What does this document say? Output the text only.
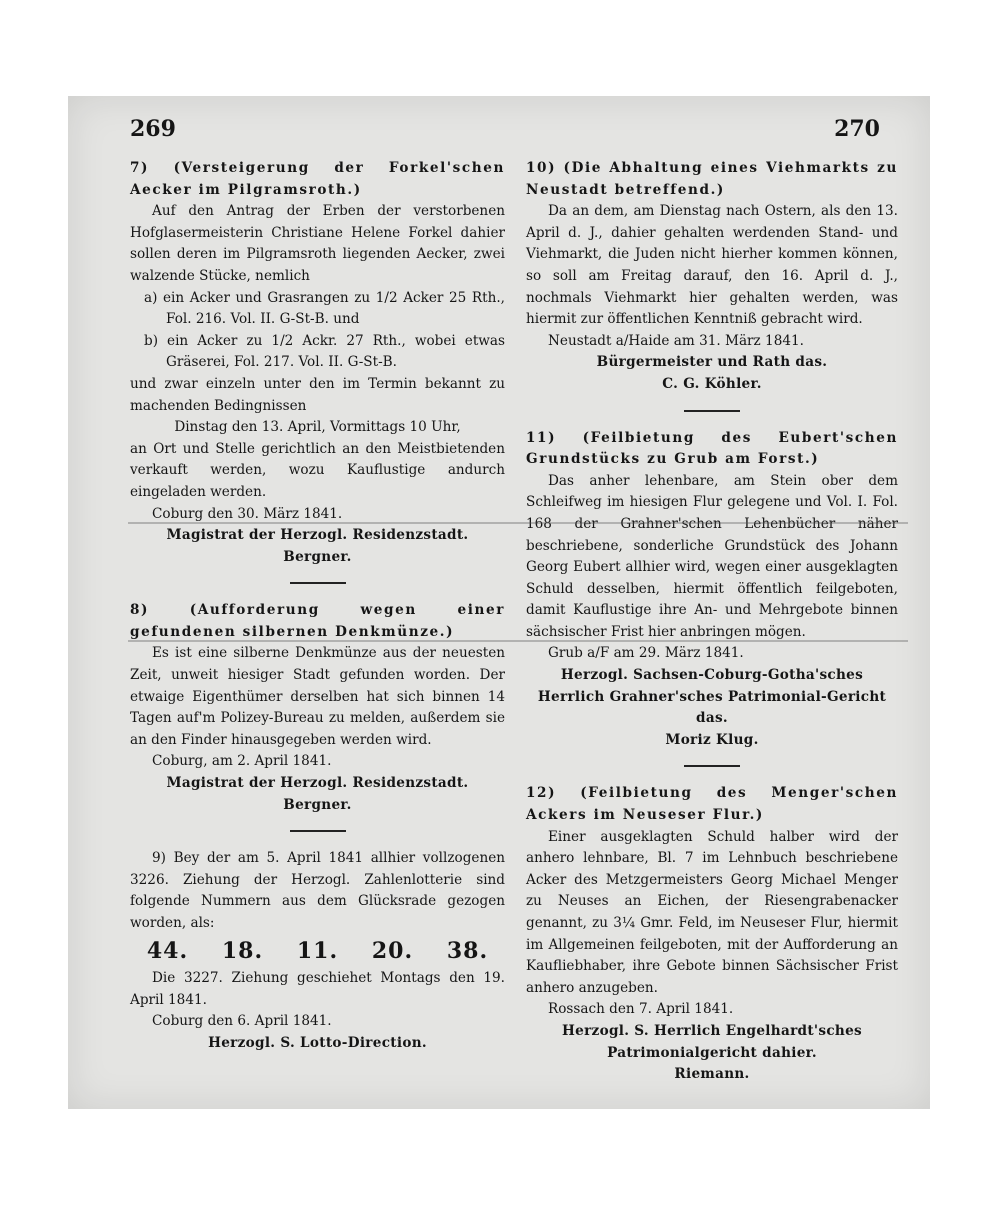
269	270

7) (Versteigerung der Forkel'schen Aecker im Pilgramsroth.)

Auf den Antrag der Erben der verstorbenen Hofglasermeisterin Christiane Helene Forkel dahier sollen deren im Pilgramsroth liegenden Aecker, zwei walzende Stücke, nemlich

a) ein Acker und Grasrangen zu 1/2 Acker 25 Rth., Fol. 216. Vol. II. G-St-B. und

b) ein Acker zu 1/2 Ackr. 27 Rth., wobei etwas Gräserei, Fol. 217. Vol. II. G-St-B.

und zwar einzeln unter den im Termin bekannt zu machenden Bedingnissen

Dinstag den 13. April, Vormittags 10 Uhr,

an Ort und Stelle gerichtlich an den Meistbietenden verkauft werden, wozu Kauflustige andurch eingeladen werden.

Coburg den 30. März 1841.

Magistrat der Herzogl. Residenzstadt.

Bergner.

8) (Aufforderung wegen einer gefundenen silbernen Denkmünze.)

Es ist eine silberne Denkmünze aus der neuesten Zeit, unweit hiesiger Stadt gefunden worden. Der etwaige Eigenthümer derselben hat sich binnen 14 Tagen auf'm Polizey-Bureau zu melden, außerdem sie an den Finder hinausgegeben werden wird.

Coburg, am 2. April 1841.

Magistrat der Herzogl. Residenzstadt.

Bergner.

9) Bey der am 5. April 1841 allhier vollzogenen 3226. Ziehung der Herzogl. Zahlenlotterie sind folgende Nummern aus dem Glücksrade gezogen worden, als:

44. 18. 11. 20. 38.

Die 3227. Ziehung geschiehet Montags den 19. April 1841.

Coburg den 6. April 1841.

Herzogl. S. Lotto-Direction.

10) (Die Abhaltung eines Viehmarkts zu Neustadt betreffend.)

Da an dem, am Dienstag nach Ostern, als den 13. April d. J., dahier gehalten werdenden Stand- und Viehmarkt, die Juden nicht hierher kommen können, so soll am Freitag darauf, den 16. April d. J., nochmals Viehmarkt hier gehalten werden, was hiermit zur öffentlichen Kenntniß gebracht wird.

Neustadt a/Haide am 31. März 1841.

Bürgermeister und Rath das.

C. G. Köhler.

11) (Feilbietung des Eubert'schen Grundstücks zu Grub am Forst.)

Das anher lehenbare, am Stein ober dem Schleifweg im hiesigen Flur gelegene und Vol. I. Fol. 168 der Grahner'schen Lehenbücher näher beschriebene, sonderliche Grundstück des Johann Georg Eubert allhier wird, wegen einer ausgeklagten Schuld desselben, hiermit öffentlich feilgeboten, damit Kauflustige ihre An- und Mehrgebote binnen sächsischer Frist hier anbringen mögen.

Grub a/F am 29. März 1841.

Herzogl. Sachsen-Coburg-Gotha'sches Herrlich Grahner'sches Patrimonial-Gericht das.

Moriz Klug.

12) (Feilbietung des Menger'schen Ackers im Neuseser Flur.)

Einer ausgeklagten Schuld halber wird der anhero lehnbare, Bl. 7 im Lehnbuch beschriebene Acker des Metzgermeisters Georg Michael Menger zu Neuses an Eichen, der Riesengrabenacker genannt, zu 3¼ Gmr. Feld, im Neuseser Flur, hiermit im Allgemeinen feilgeboten, mit der Aufforderung an Kaufliebhaber, ihre Gebote binnen Sächsischer Frist anhero anzugeben.

Rossach den 7. April 1841.

Herzogl. S. Herrlich Engelhardt'sches Patrimonialgericht dahier.

Riemann.
